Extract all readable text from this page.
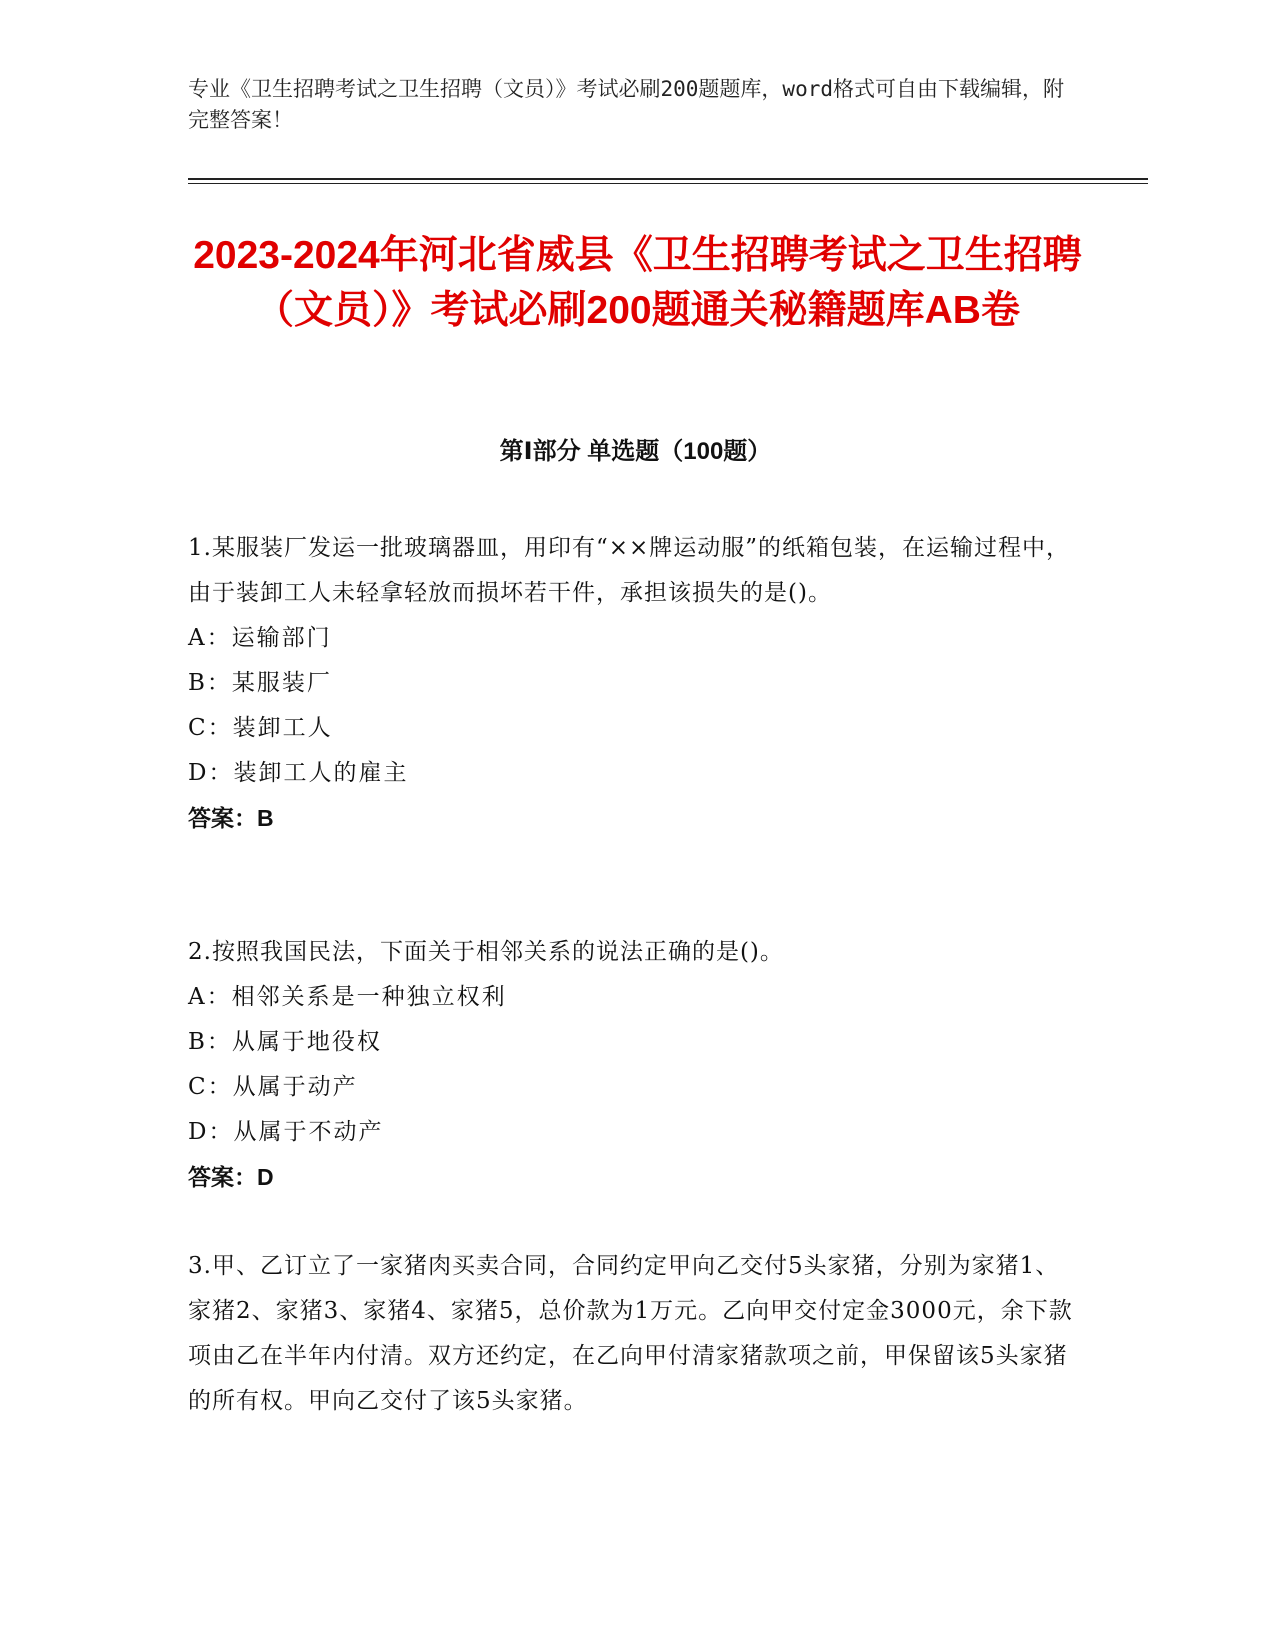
专业《卫生招聘考试之卫生招聘（文员）》考试必刷200题题库，word格式可自由下载编辑，附完整答案！
2023-2024年河北省威县《卫生招聘考试之卫生招聘（文员）》考试必刷200题通关秘籍题库AB卷
第Ⅰ部分 单选题（100题）
1.某服装厂发运一批玻璃器皿，用印有“××牌运动服”的纸箱包装，在运输过程中，由于装卸工人未轻拿轻放而损坏若干件，承担该损失的是()。
A：运输部门
B：某服装厂
C：装卸工人
D：装卸工人的雇主
答案：B
2.按照我国民法，下面关于相邻关系的说法正确的是()。
A：相邻关系是一种独立权利
B：从属于地役权
C：从属于动产
D：从属于不动产
答案：D
3.甲、乙订立了一家猪肉买卖合同，合同约定甲向乙交付5头家猪，分别为家猪1、家猪2、家猪3、家猪4、家猪5，总价款为1万元。乙向甲交付定金3000元，余下款项由乙在半年内付清。双方还约定，在乙向甲付清家猪款项之前，甲保留该5头家猪的所有权。甲向乙交付了该5头家猪。
